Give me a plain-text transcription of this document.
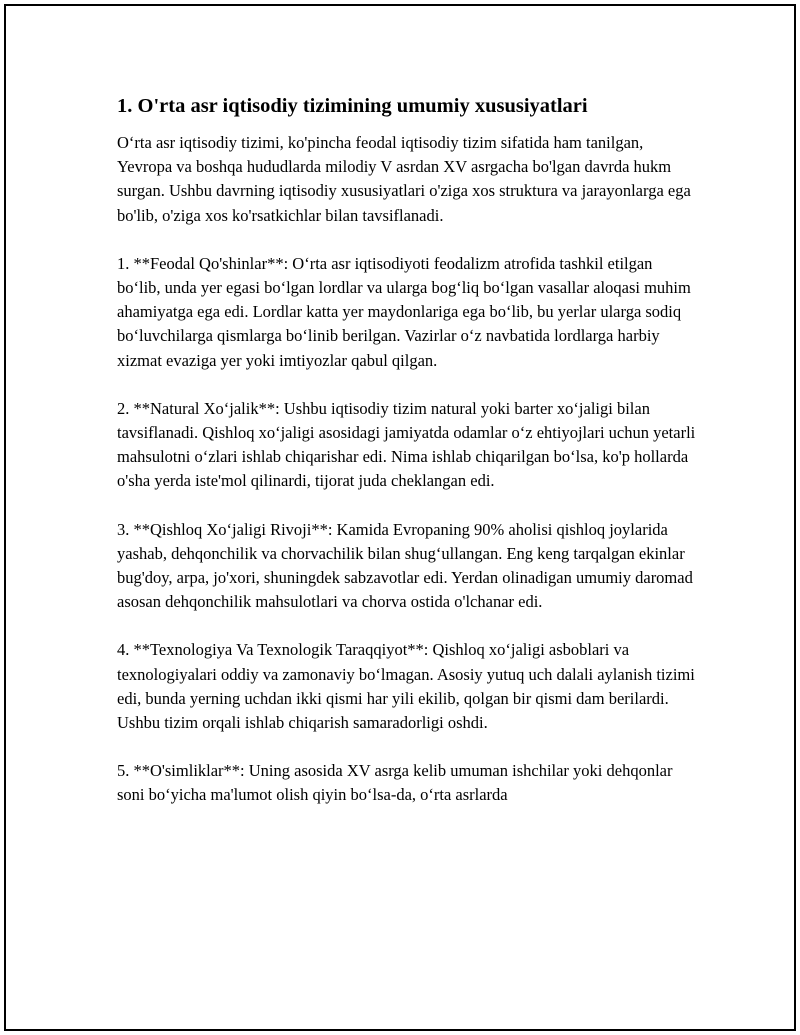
1. O'rta asr iqtisodiy tizimining umumiy xususiyatlari

O‘rta asr iqtisodiy tizimi, ko'pincha feodal iqtisodiy tizim sifatida ham tanilgan, Yevropa va boshqa hududlarda milodiy V asrdan XV asrgacha bo'lgan davrda hukm surgan. Ushbu davrning iqtisodiy xususiyatlari o'ziga xos struktura va jarayonlarga ega bo'lib, o'ziga xos ko'rsatkichlar bilan tavsiflanadi.

1. **Feodal Qo'shinlar**: O‘rta asr iqtisodiyoti feodalizm atrofida tashkil etilgan bo‘lib, unda yer egasi bo‘lgan lordlar va ularga bog‘liq bo‘lgan vasallar aloqasi muhim ahamiyatga ega edi. Lordlar katta yer maydonlariga ega bo‘lib, bu yerlar ularga sodiq bo‘luvchilarga qismlarga bo‘linib berilgan. Vazirlar o‘z navbatida lordlarga harbiy xizmat evaziga yer yoki imtiyozlar qabul qilgan.

2. **Natural Xo‘jalik**: Ushbu iqtisodiy tizim natural yoki barter xo‘jaligi bilan tavsiflanadi. Qishloq xo‘jaligi asosidagi jamiyatda odamlar o‘z ehtiyojlari uchun yetarli mahsulotni o‘zlari ishlab chiqarishar edi. Nima ishlab chiqarilgan bo‘lsa, ko'p hollarda o'sha yerda iste'mol qilinardi, tijorat juda cheklangan edi.

3. **Qishloq Xo‘jaligi Rivoji**: Kamida Evropaning 90% aholisi qishloq joylarida yashab, dehqonchilik va chorvachilik bilan shug‘ullangan. Eng keng tarqalgan ekinlar bug'doy, arpa, jo'xori, shuningdek sabzavotlar edi. Yerdan olinadigan umumiy daromad asosan dehqonchilik mahsulotlari va chorva ostida o'lchanar edi.

4. **Texnologiya Va Texnologik Taraqqiyot**: Qishloq xo‘jaligi asboblari va texnologiyalari oddiy va zamonaviy bo‘lmagan. Asosiy yutuq uch dalali aylanish tizimi edi, bunda yerning uchdan ikki qismi har yili ekilib, qolgan bir qismi dam berilardi. Ushbu tizim orqali ishlab chiqarish samaradorligi oshdi.

5. **O'simliklar**: Uning asosida XV asrga kelib umuman ishchilar yoki dehqonlar soni bo‘yicha ma'lumot olish qiyin bo‘lsa-da, o‘rta asrlarda
